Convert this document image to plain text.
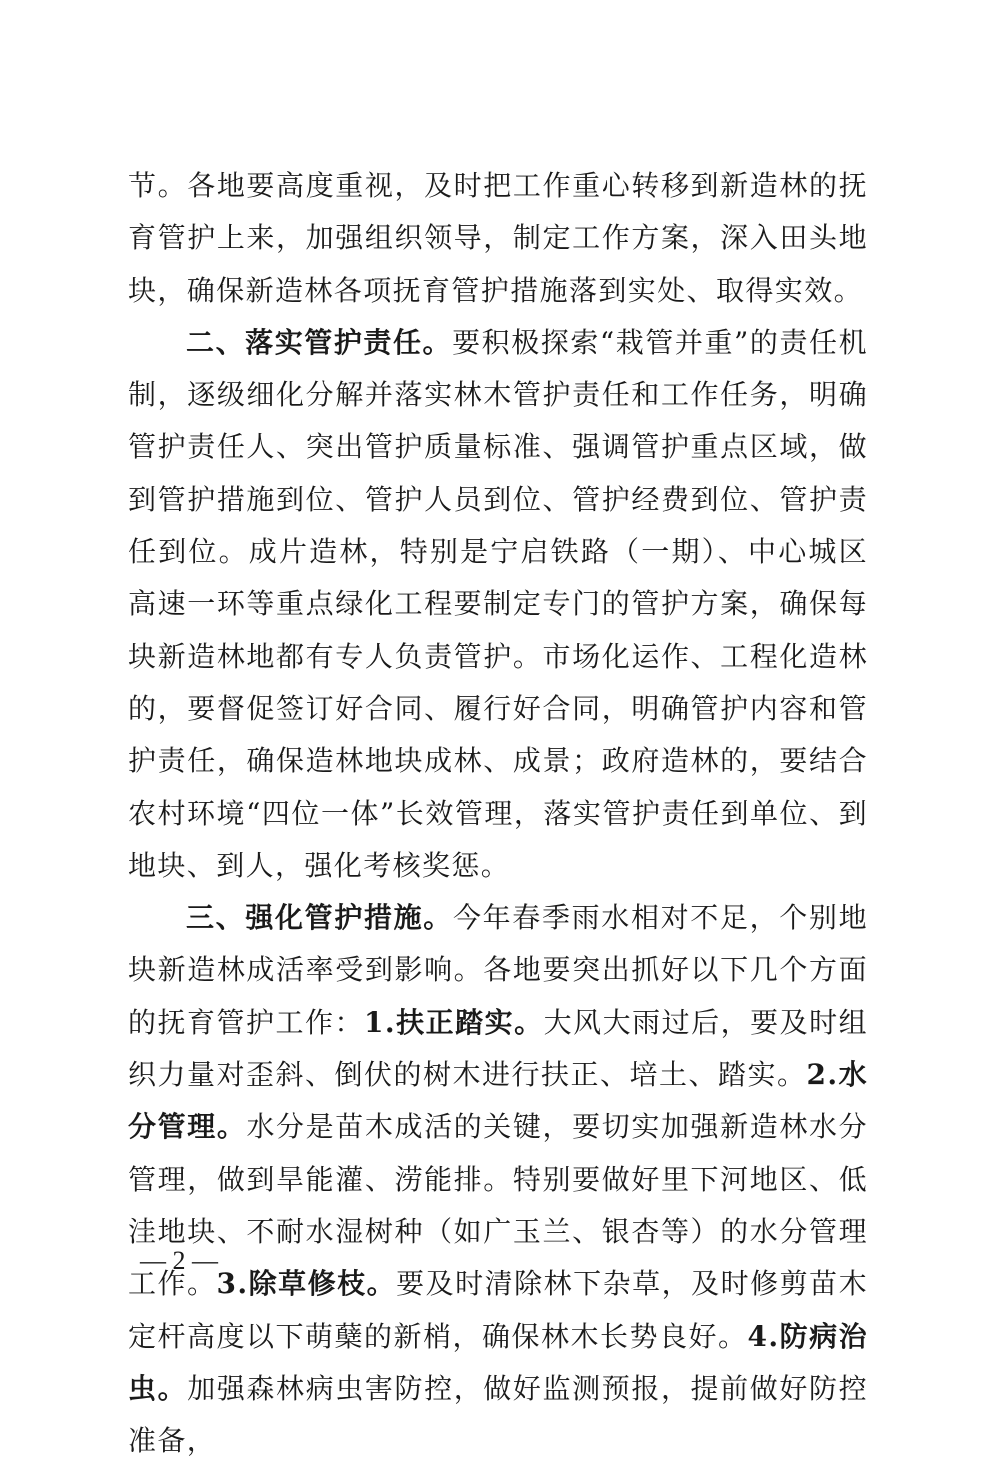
节。各地要高度重视，及时把工作重心转移到新造林的抚育管护上来，加强组织领导，制定工作方案，深入田头地块，确保新造林各项抚育管护措施落到实处、取得实效。

二、落实管护责任。要积极探索“栽管并重”的责任机制，逐级细化分解并落实林木管护责任和工作任务，明确管护责任人、突出管护质量标准、强调管护重点区域，做到管护措施到位、管护人员到位、管护经费到位、管护责任到位。成片造林，特别是宁启铁路（一期）、中心城区高速一环等重点绿化工程要制定专门的管护方案，确保每块新造林地都有专人负责管护。市场化运作、工程化造林的，要督促签订好合同、履行好合同，明确管护内容和管护责任，确保造林地块成林、成景；政府造林的，要结合农村环境“四位一体”长效管理，落实管护责任到单位、到地块、到人，强化考核奖惩。

三、强化管护措施。今年春季雨水相对不足，个别地块新造林成活率受到影响。各地要突出抓好以下几个方面的抚育管护工作：1.扶正踏实。大风大雨过后，要及时组织力量对歪斜、倒伏的树木进行扶正、培土、踏实。2.水分管理。水分是苗木成活的关键，要切实加强新造林水分管理，做到旱能灌、涝能排。特别要做好里下河地区、低洼地块、不耐水湿树种（如广玉兰、银杏等）的水分管理工作。3.除草修枝。要及时清除林下杂草，及时修剪苗木定杆高度以下萌蘖的新梢，确保林木长势良好。4.防病治虫。加强森林病虫害防控，做好监测预报，提前做好防控准备，

— 2 —
